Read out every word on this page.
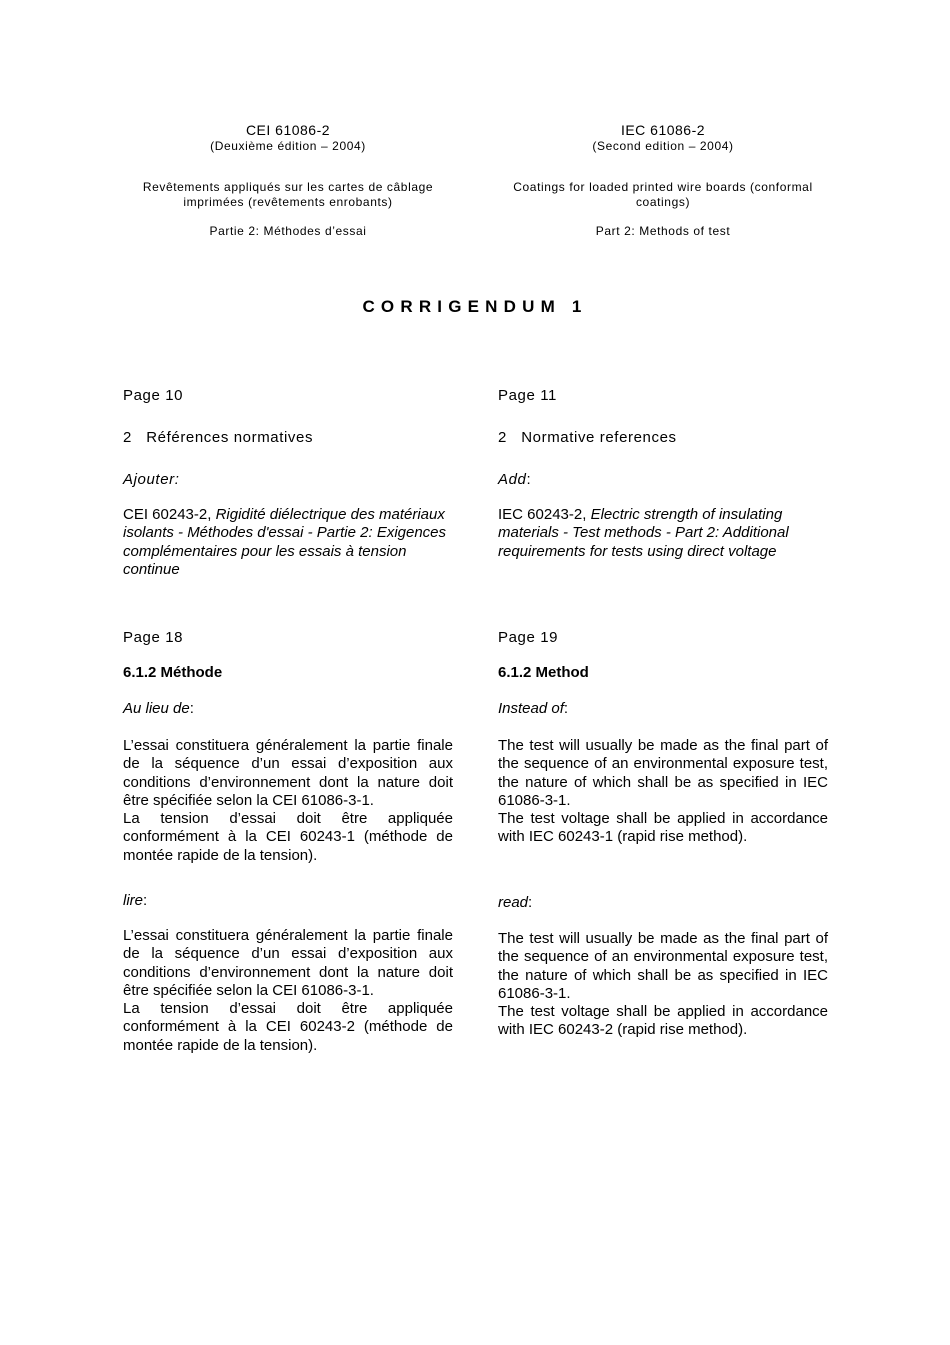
CEI 61086-2
(Deuxième édition – 2004)
Revêtements appliqués sur les cartes de câblage imprimées (revêtements enrobants)
Partie 2: Méthodes d’essai
IEC 61086-2
(Second edition – 2004)
Coatings for loaded printed wire boards (conformal coatings)
Part 2: Methods of test
CORRIGENDUM 1
Page 10
2   Références normatives
Ajouter:
CEI 60243-2, Rigidité diélectrique des matériaux isolants - Méthodes d'essai - Partie 2: Exigences complémentaires pour les essais à tension continue
Page 11
2   Normative references
Add:
IEC 60243-2, Electric strength of insulating materials - Test methods - Part 2: Additional requirements for tests using direct voltage
Page 18
6.1.2 Méthode
Au lieu de:
L’essai constituera généralement la partie finale de la séquence d’un essai d’exposition aux conditions d’environnement dont la nature doit être spécifiée selon la CEI 61086-3-1.
La tension d’essai doit être appliquée conformément à la CEI 60243-1 (méthode de montée rapide de la tension).
lire:
L’essai constituera généralement la partie finale de la séquence d’un essai d’exposition aux conditions d’environnement dont la nature doit être spécifiée selon la CEI 61086-3-1.
La tension d’essai doit être appliquée conformément à la CEI 60243-2 (méthode de montée rapide de la tension).
Page 19
6.1.2 Method
Instead of:
The test will usually be made as the final part of the sequence of an environmental exposure test, the nature of which shall be as specified in IEC 61086-3-1.
The test voltage shall be applied in accordance with IEC 60243-1 (rapid rise method).
read:
The test will usually be made as the final part of the sequence of an environmental exposure test, the nature of which shall be as specified in IEC 61086-3-1.
The test voltage shall be applied in accordance with IEC 60243-2 (rapid rise method).
